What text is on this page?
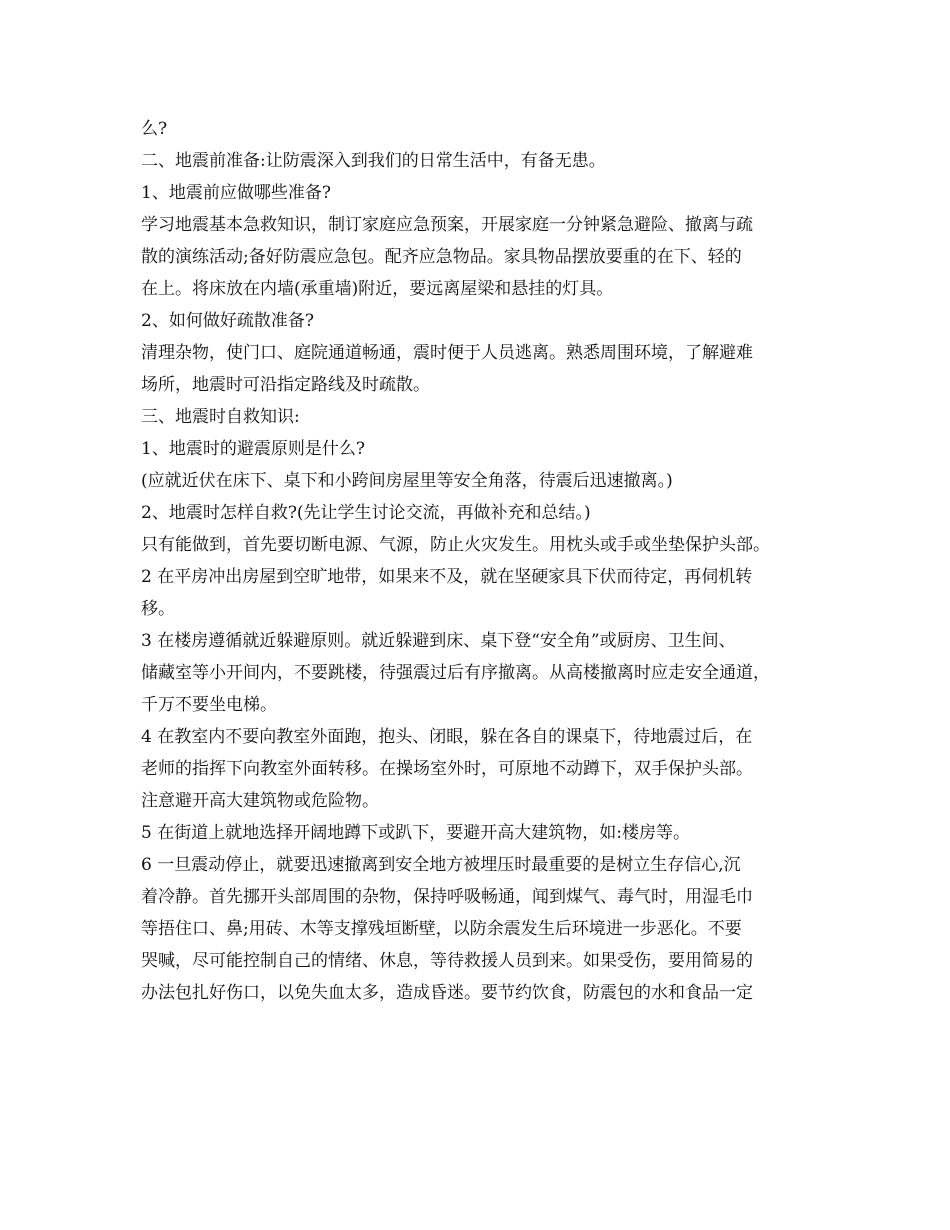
么?
二、地震前准备:让防震深入到我们的日常生活中，有备无患。
1、地震前应做哪些准备?
学习地震基本急救知识，制订家庭应急预案，开展家庭一分钟紧急避险、撤离与疏
散的演练活动;备好防震应急包。配齐应急物品。家具物品摆放要重的在下、轻的
在上。将床放在内墙(承重墙)附近，要远离屋梁和悬挂的灯具。
2、如何做好疏散准备?
清理杂物，使门口、庭院通道畅通，震时便于人员逃离。熟悉周围环境，了解避难
场所，地震时可沿指定路线及时疏散。
三、地震时自救知识:
1、地震时的避震原则是什么?
(应就近伏在床下、桌下和小跨间房屋里等安全角落，待震后迅速撤离。)
2、地震时怎样自救?(先让学生讨论交流，再做补充和总结。)
只有能做到，首先要切断电源、气源，防止火灾发生。用枕头或手或坐垫保护头部。
2 在平房冲出房屋到空旷地带，如果来不及，就在坚硬家具下伏而待定，再伺机转
移。
3 在楼房遵循就近躲避原则。就近躲避到床、桌下登“安全角”或厨房、卫生间、
储藏室等小开间内，不要跳楼，待强震过后有序撤离。从高楼撤离时应走安全通道，
千万不要坐电梯。
4 在教室内不要向教室外面跑，抱头、闭眼，躲在各自的课桌下，待地震过后，在
老师的指挥下向教室外面转移。在操场室外时，可原地不动蹲下，双手保护头部。
注意避开高大建筑物或危险物。
5 在街道上就地选择开阔地蹲下或趴下，要避开高大建筑物，如:楼房等。
6 一旦震动停止，就要迅速撤离到安全地方被埋压时最重要的是树立生存信心,沉
着冷静。首先挪开头部周围的杂物，保持呼吸畅通，闻到煤气、毒气时，用湿毛巾
等捂住口、鼻;用砖、木等支撑残垣断壁，以防余震发生后环境进一步恶化。不要
哭喊，尽可能控制自己的情绪、休息，等待救援人员到来。如果受伤，要用简易的
办法包扎好伤口，以免失血太多，造成昏迷。要节约饮食，防震包的水和食品一定
